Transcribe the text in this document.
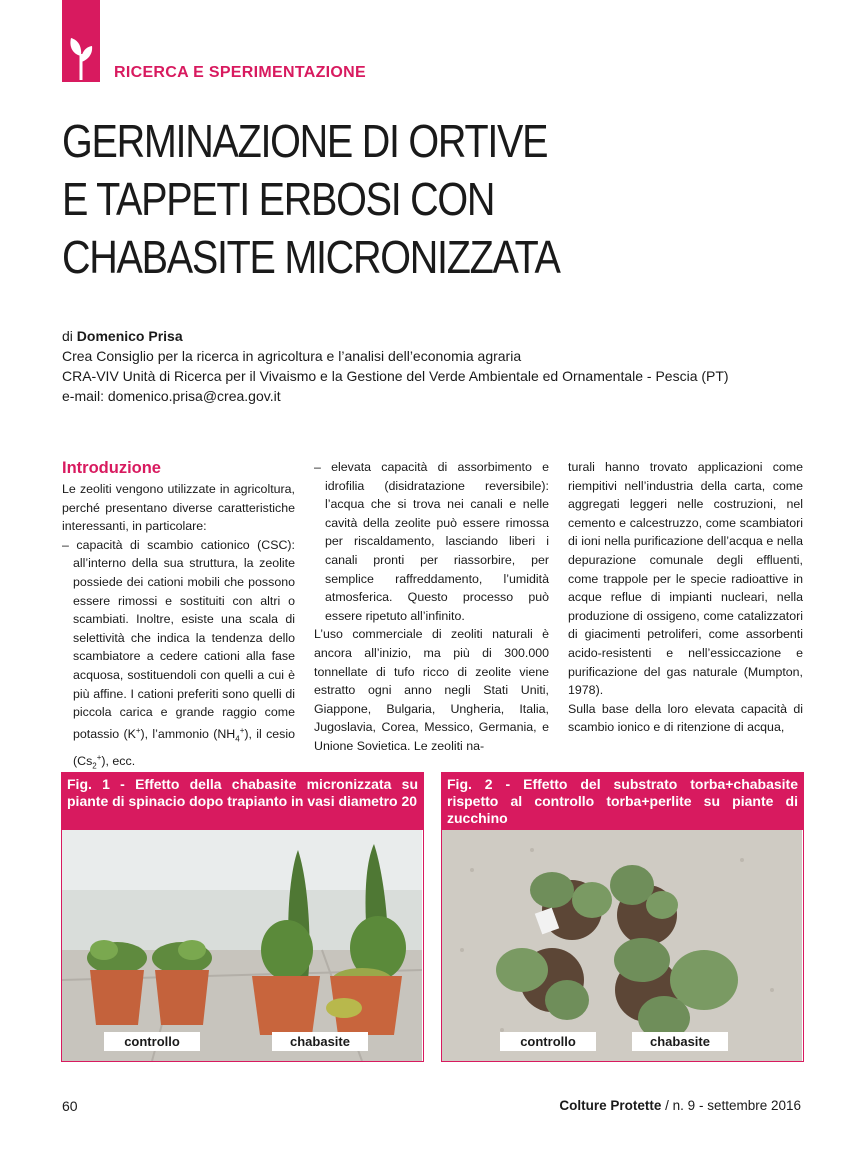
RICERCA E SPERIMENTAZIONE
GERMINAZIONE DI ORTIVE
E TAPPETI ERBOSI CON
CHABASITE MICRONIZZATA
di Domenico Prisa
Crea Consiglio per la ricerca in agricoltura e l’analisi dell’economia agraria
CRA-VIV Unità di Ricerca per il Vivaismo e la Gestione del Verde Ambientale ed Ornamentale - Pescia (PT)
e-mail: domenico.prisa@crea.gov.it
Introduzione

Le zeoliti vengono utilizzate in agricoltura, perché presentano diverse caratteristiche interessanti, in particolare:

– capacità di scambio cationico (CSC): all’interno della sua struttura, la zeolite possiede dei cationi mobili che possono essere rimossi e sostituiti con altri o scambiati. Inoltre, esiste una scala di selettività che indica la tendenza dello scambiatore a cedere cationi alla fase acquosa, sostituendoli con quelli a cui è più affine. I cationi preferiti sono quelli di piccola carica e grande raggio come potassio (K+), l’ammonio $(NH_4^+)$, il cesio $(Cs_2^+)$, ecc.

– elevata capacità di assorbimento e idrofilia (disidratazione reversibile): l’acqua che si trova nei canali e nelle cavità della zeolite può essere rimossa per riscaldamento, lasciando liberi i canali pronti per riassorbire, per semplice raffreddamento, l’umidità atmosferica. Questo processo può essere ripetuto all’infinito.

L’uso commerciale di zeoliti naturali è ancora all’inizio, ma più di 300.000 tonnellate di tufo ricco di zeolite viene estratto ogni anno negli Stati Uniti, Giappone, Bulgaria, Ungheria, Italia, Jugoslavia, Corea, Messico, Germania, e Unione Sovietica. Le zeoliti na-

turali hanno trovato applicazioni come riempitivi nell’industria della carta, come aggregati leggeri nelle costruzioni, nel cemento e calcestruzzo, come scambiatori di ioni nella purificazione dell’acqua e nella depurazione comunale degli effluenti, come trappole per le specie radioattive in acque reflue di impianti nucleari, nella produzione di ossigeno, come catalizzatori di giacimenti petroliferi, come assorbenti acido-resistenti e nell’essiccazione e purificazione del gas naturale (Mumpton, 1978).

Sulla base della loro elevata capacità di scambio ionico e di ritenzione di acqua,

Fig. 1 - Effetto della chabasite micronizzata su piante di spinacio dopo trapianto in vasi diametro 20
controllo	chabasite
Fig. 2 - Effetto del substrato torba+chabasite rispetto al controllo torba+perlite su piante di zucchino
controllo	chabasite
60	Colture Protette / n. 9 - settembre 2016
